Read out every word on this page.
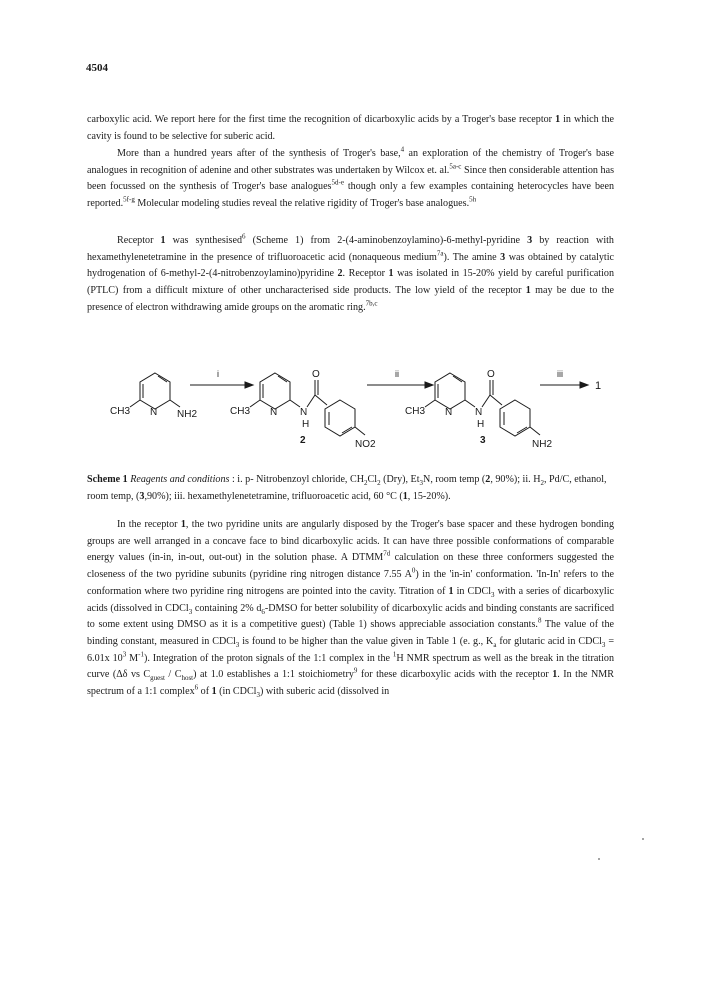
4504

carboxylic acid. We report here for the first time the recognition of dicarboxylic acids by a Troger's base receptor 1 in which the cavity is found to be selective for suberic acid.

More than a hundred years after of the synthesis of Troger's base,$^4$ an exploration of the chemistry of Troger's base analogues in recognition of adenine and other substrates was undertaken by Wilcox et. al.$^{5a-c}$ Since then considerable attention has been focussed on the synthesis of Troger's base analogues$^{5d-e}$ though only a few examples containing heterocycles have been reported.$^{5f-g}$ Molecular modeling studies reveal the relative rigidity of Troger's base analogues.$^{5h}$

Receptor 1 was synthesised$^6$ (Scheme 1) from 2-(4-aminobenzoylamino)-6-methyl-pyridine 3 by reaction with hexamethylenetetramine in the presence of trifluoroacetic acid (nonaqueous medium$^{7a}$). The amine 3 was obtained by catalytic hydrogenation of 6-methyl-2-(4-nitrobenzoylamino)pyridine 2. Receptor 1 was isolated in 15-20% yield by careful purification (PTLC) from a difficult mixture of other uncharacterised side products. The low yield of the receptor 1 may be due to the presence of electron withdrawing amide groups on the aromatic ring.$^{7b,c}$

i	ii	iii
1
CH3 N NH2	CH3 N N
H
O
NO2
2
CH3 N N
H
O
NH2
3
Scheme 1 Reagents and conditions : i. p- Nitrobenzoyl chloride, $CH_2Cl_2$ (Dry), $Et_3N$, room temp (2, 90%); ii. $H_2$, Pd/C, ethanol, room temp, (3,90%); iii. hexamethylenetetramine, trifluoroacetic acid, 60 °C (1, 15-20%).

In the receptor 1, the two pyridine units are angularly disposed by the Troger's base spacer and these hydrogen bonding groups are well arranged in a concave face to bind dicarboxylic acids. It can have three possible conformations of comparable energy values (in-in, in-out, out-out) in the solution phase. A $DTMM^{7d}$ calculation on these three conformers suggested the closeness of the two pyridine subunits (pyridine ring nitrogen distance 7.55 $A^0$) in the 'in-in' conformation. 'In-In' refers to the conformation where two pyridine ring nitrogens are pointed into the cavity. Titration of 1 in CDCl$_3$ with a series of dicarboxylic acids (dissolved in CDCl$_3$ containing 2% $d_6$-DMSO for better solubility of dicarboxylic acids and binding constants are sacrificed to some extent using DMSO as it is a competitive guest) (Table 1) shows appreciable association constants.$^8$ The value of the binding constant, measured in CDCl$_3$ is found to be higher than the value given in Table 1 (e. g., $K_a$ for glutaric acid in CDCl$_3$ = 6.01x $10^3$ $M^{-1}$). Integration of the proton signals of the 1:1 complex in the $^1$H NMR spectrum as well as the break in the titration curve (Δδ vs $C_{guest} / C_{host}$) at 1.0 establishes a 1:1 stoichiometry$^9$ for these dicarboxylic acids with the receptor 1. In the NMR spectrum of a 1:1 complex$^6$ of 1 (in CDCl$_3$) with suberic acid (dissolved in
